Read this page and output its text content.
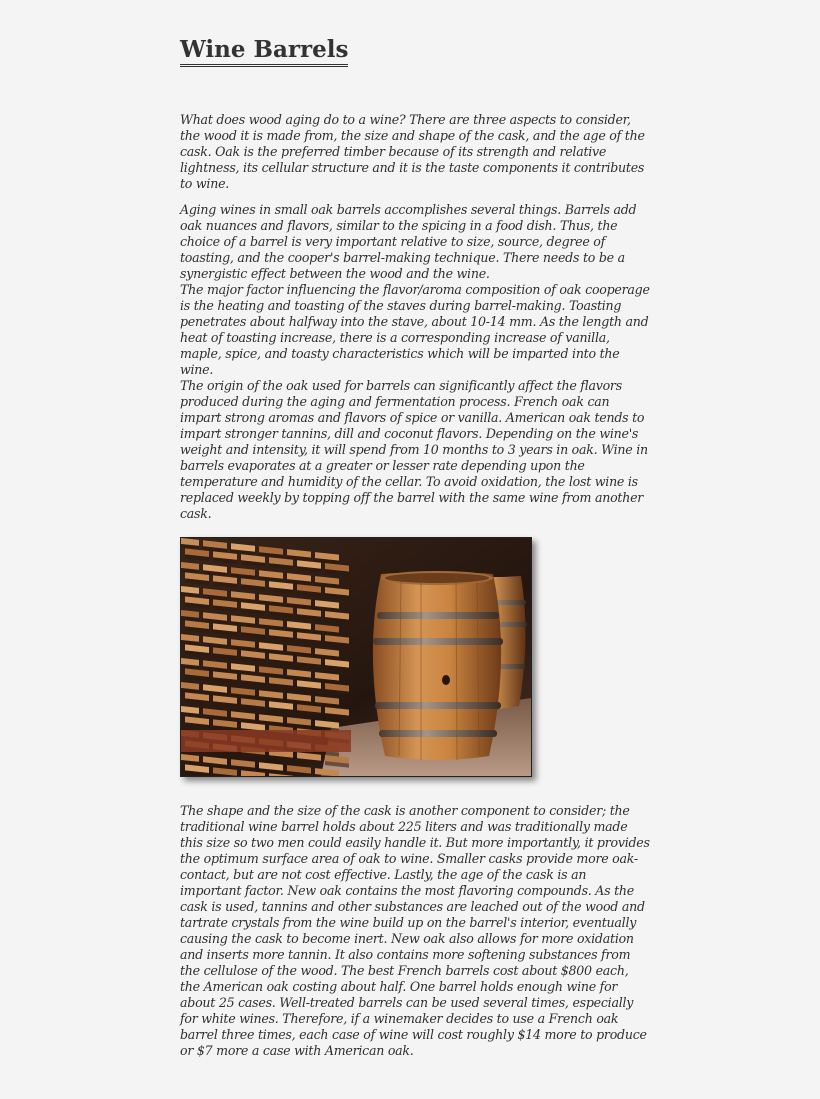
Wine Barrels

What does wood aging do to a wine? There are three aspects to consider, the wood it is made from, the size and shape of the cask, and the age of the cask. Oak is the preferred timber because of its strength and relative lightness, its cellular structure and it is the taste components it contributes to wine.

Aging wines in small oak barrels accomplishes several things. Barrels add oak nuances and flavors, similar to the spicing in a food dish. Thus, the choice of a barrel is very important relative to size, source, degree of toasting, and the cooper's barrel-making technique. There needs to be a synergistic effect between the wood and the wine.
The major factor influencing the flavor/aroma composition of oak cooperage is the heating and toasting of the staves during barrel-making. Toasting penetrates about halfway into the stave, about 10-14 mm. As the length and heat of toasting increase, there is a corresponding increase of vanilla, maple, spice, and toasty characteristics which will be imparted into the wine.
The origin of the oak used for barrels can significantly affect the flavors produced during the aging and fermentation process. French oak can impart strong aromas and flavors of spice or vanilla. American oak tends to impart stronger tannins, dill and coconut flavors. Depending on the wine's weight and intensity, it will spend from 10 months to 3 years in oak. Wine in barrels evaporates at a greater or lesser rate depending upon the temperature and humidity of the cellar. To avoid oxidation, the lost wine is replaced weekly by topping off the barrel with the same wine from another cask.

The shape and the size of the cask is another component to consider; the traditional wine barrel holds about 225 liters and was traditionally made this size so two men could easily handle it. But more importantly, it provides the optimum surface area of oak to wine. Smaller casks provide more oak-contact, but are not cost effective. Lastly, the age of the cask is an important factor. New oak contains the most flavoring compounds. As the cask is used, tannins and other substances are leached out of the wood and tartrate crystals from the wine build up on the barrel's interior, eventually causing the cask to become inert. New oak also allows for more oxidation and inserts more tannin. It also contains more softening substances from the cellulose of the wood. The best French barrels cost about $800 each, the American oak costing about half. One barrel holds enough wine for about 25 cases. Well-treated barrels can be used several times, especially for white wines. Therefore, if a winemaker decides to use a French oak barrel three times, each case of wine will cost roughly $14 more to produce or $7 more a case with American oak.
